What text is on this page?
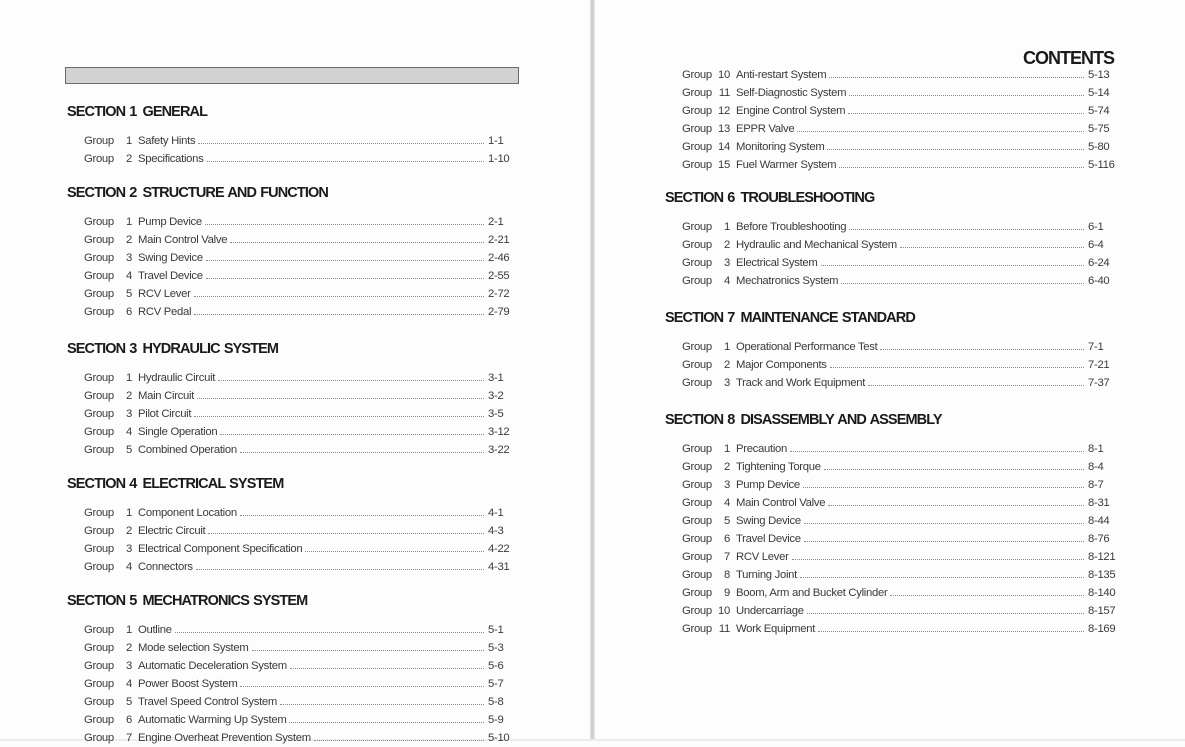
CONTENTS
SECTION 1 GENERAL
Group	1 Safety Hints	1-1
Group	2 Specifications	1-10
SECTION 2 STRUCTURE AND FUNCTION
Group	1 Pump Device	2-1
Group	2 Main Control Valve	2-21
Group	3 Swing Device	2-46
Group	4 Travel Device	2-55
Group	5 RCV Lever	2-72
Group	6 RCV Pedal	2-79
SECTION 3 HYDRAULIC SYSTEM
Group	1 Hydraulic Circuit	3-1
Group	2 Main Circuit	3-2
Group	3 Pilot Circuit	3-5
Group	4 Single Operation	3-12
Group	5 Combined Operation	3-22
SECTION 4 ELECTRICAL SYSTEM
Group	1 Component Location	4-1
Group	2 Electric Circuit	4-3
Group	3 Electrical Component Specification	4-22
Group	4 Connectors	4-31
SECTION 5 MECHATRONICS SYSTEM
Group	1 Outline	5-1
Group	2 Mode selection System	5-3
Group	3 Automatic Deceleration System	5-6
Group	4 Power Boost System	5-7
Group	5 Travel Speed Control System	5-8
Group	6 Automatic Warming Up System	5-9
Group	7 Engine Overheat Prevention System	5-10
Group 10 Anti-restart System	5-13
Group 11 Self-Diagnostic System	5-14
Group 12 Engine Control System	5-74
Group 13 EPPR Valve	5-75
Group 14 Monitoring System	5-80
Group 15 Fuel Warmer System	5-116
SECTION 6 TROUBLESHOOTING
Group	1 Before Troubleshooting	6-1
Group	2 Hydraulic and Mechanical System	6-4
Group	3 Electrical System	6-24
Group	4 Mechatronics System	6-40
SECTION 7 MAINTENANCE STANDARD
Group	1 Operational Performance Test	7-1
Group	2 Major Components	7-21
Group	3 Track and Work Equipment	7-37
SECTION 8 DISASSEMBLY AND ASSEMBLY
Group	1 Precaution	8-1
Group	2 Tightening Torque	8-4
Group	3 Pump Device	8-7
Group	4 Main Control Valve	8-31
Group	5 Swing Device	8-44
Group	6 Travel Device	8-76
Group	7 RCV Lever	8-121
Group	8 Turning Joint	8-135
Group	9 Boom, Arm and Bucket Cylinder	8-140
Group 10 Undercarriage	8-157
Group 11 Work Equipment	8-169
